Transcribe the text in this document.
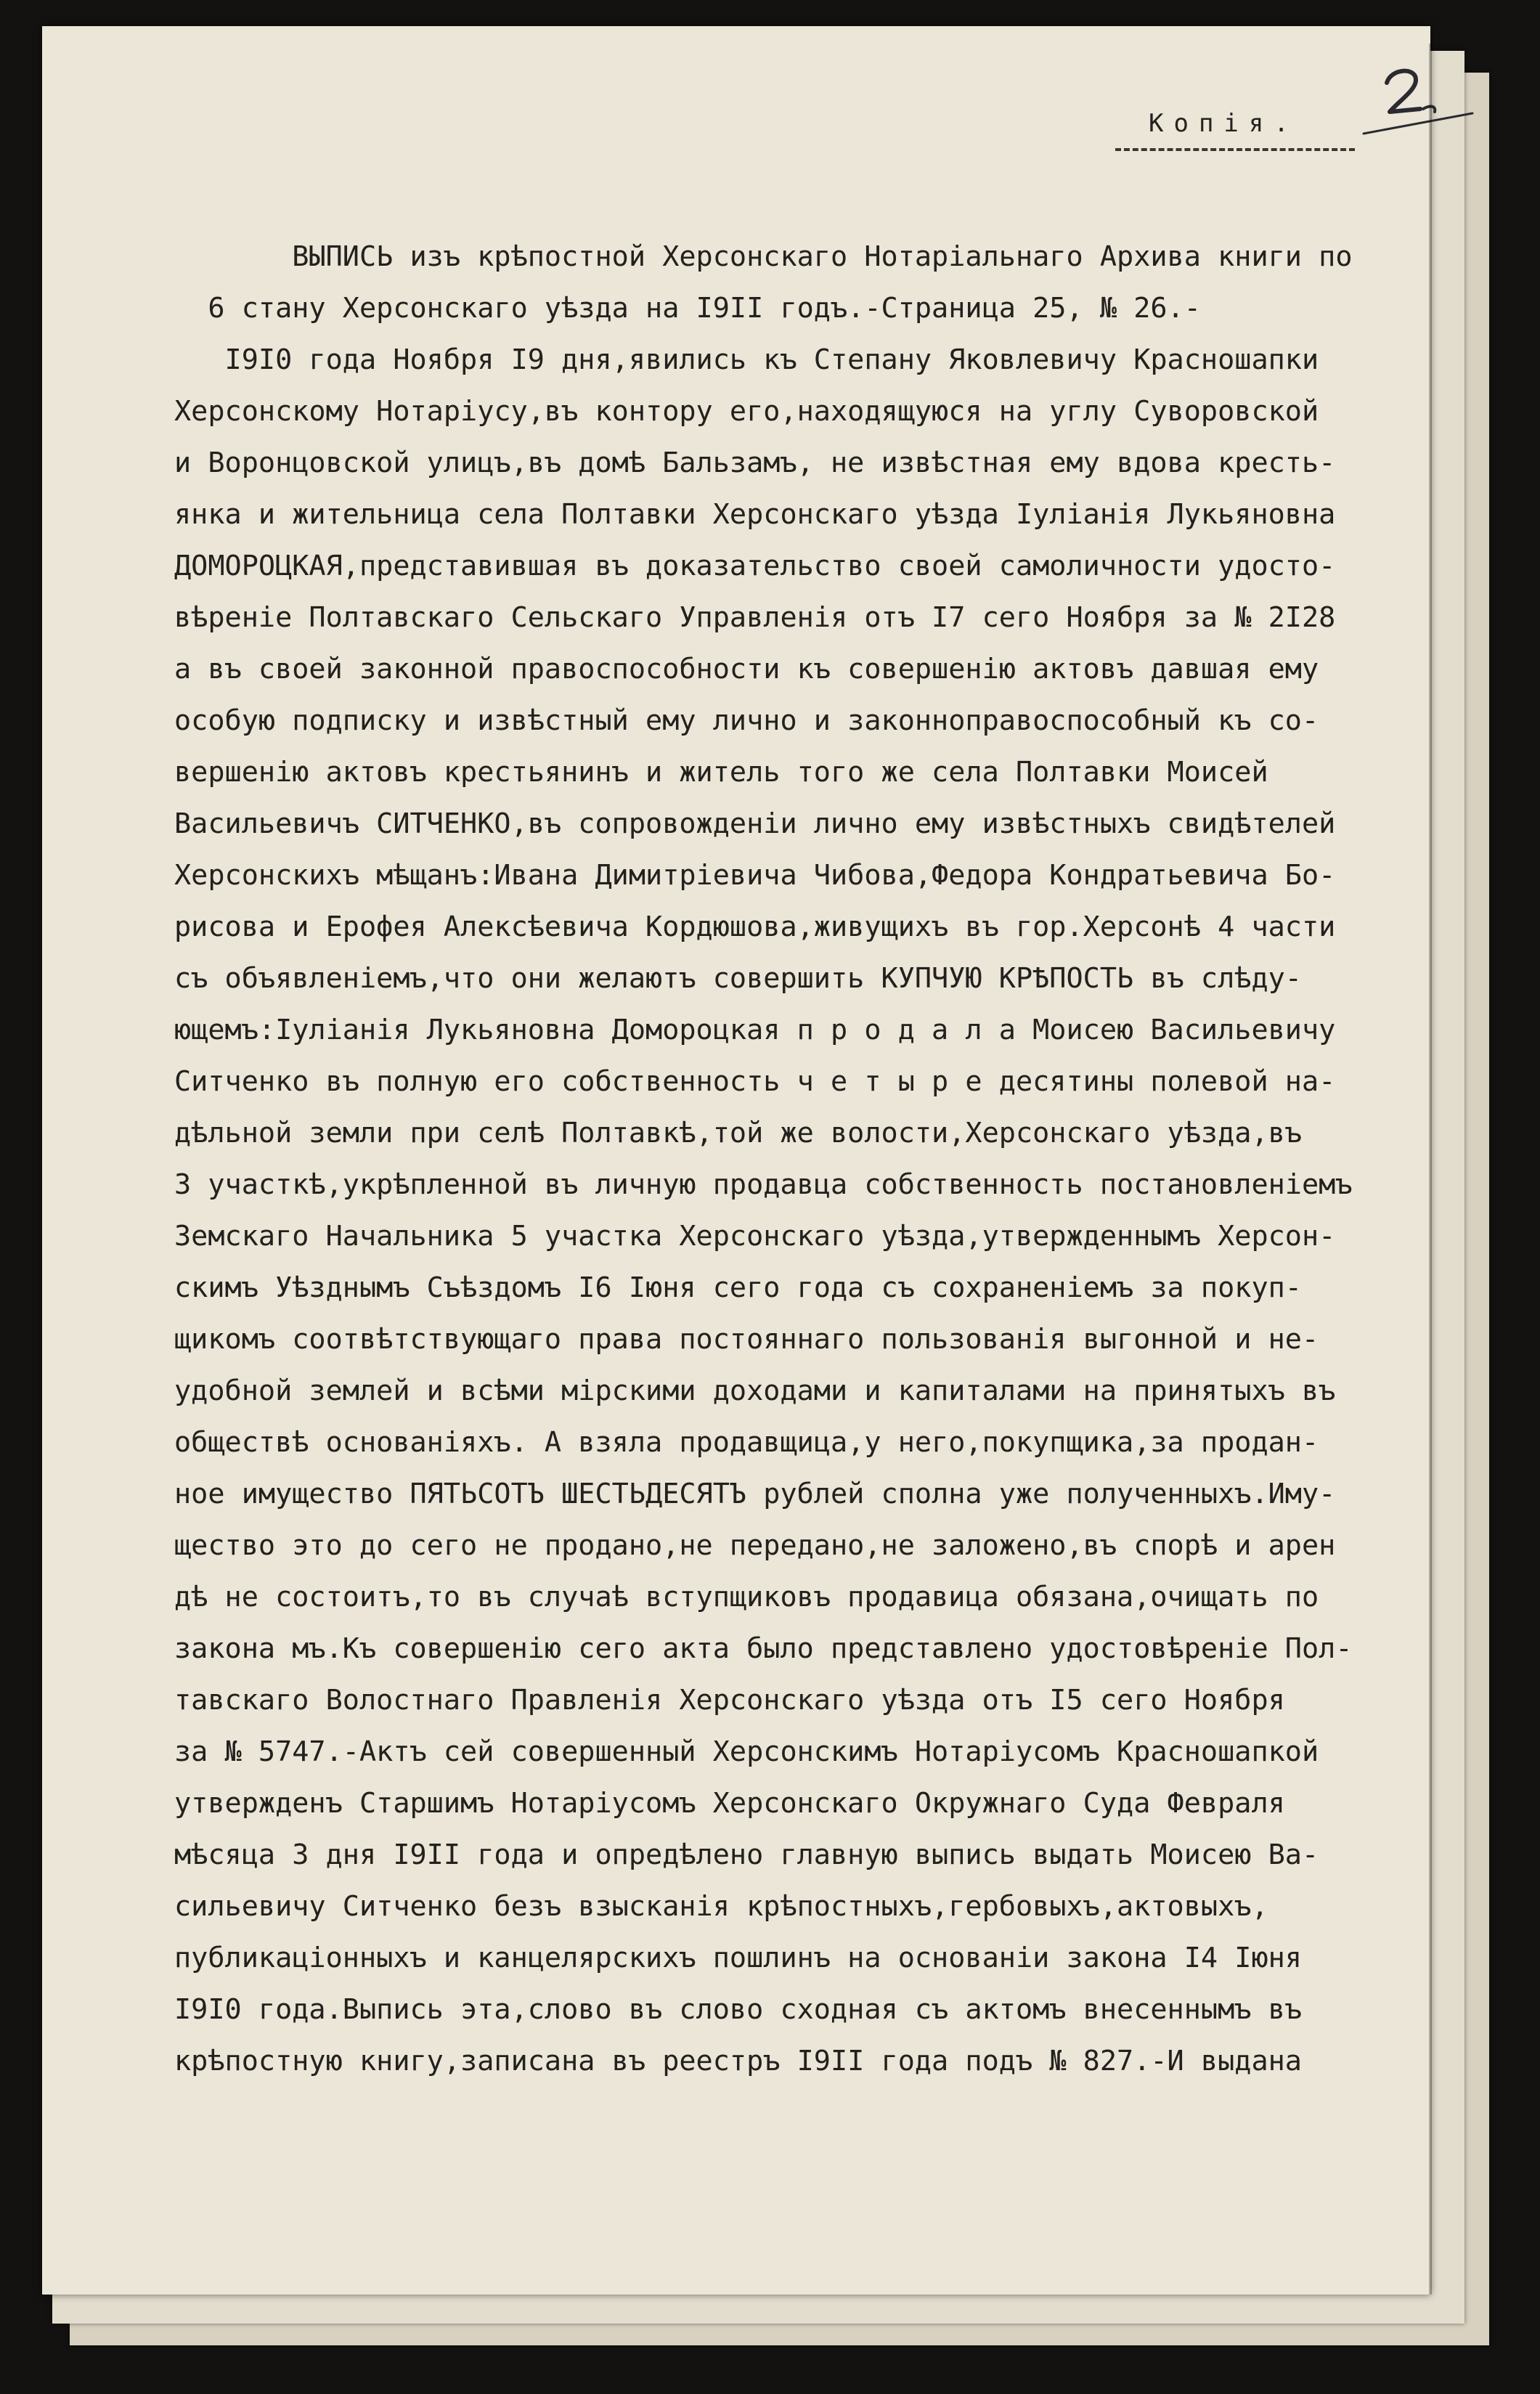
Копія.
ВЫПИСЬ изъ крѣпостной Херсонскаго Нотаріальнаго Архива книги по
6 стану Херсонскаго уѣзда на I9II годъ.-Страница 25, № 26.-
I9I0 года Ноября I9 дня,явились къ Степану Яковлевичу Красношапки
Херсонскому Нотаріусу,въ контору его,находящуюся на углу Суворовской
и Воронцовской улицъ,въ домѣ Бальзамъ, не извѣстная ему вдова кресть-
янка и жительница села Полтавки Херсонскаго уѣзда Іуліанія Лукьяновна
ДОМОРОЦКАЯ,представившая въ доказательство своей самоличности удосто-
вѣреніе Полтавскаго Сельскаго Управленія отъ I7 сего Ноября за № 2I28
а въ своей законной правоспособности къ совершенію актовъ давшая ему
особую подписку и извѣстный ему лично и законноправоспособный къ со-
вершенію актовъ крестьянинъ и житель того же села Полтавки Моисей
Васильевичъ СИТЧЕНКО,въ сопровожденіи лично ему извѣстныхъ свидѣтелей
Херсонскихъ мѣщанъ:Ивана Димитріевича Чибова,Федора Кондратьевича Бо-
рисова и Ерофея Алексѣевича Кордюшова,живущихъ въ гор.Херсонѣ 4 части
съ объявленіемъ,что они желаютъ совершить КУПЧУЮ КРѢПОСТЬ въ слѣду-
ющемъ:Іуліанія Лукьяновна Домороцкая п р о д а л а Моисею Васильевичу
Ситченко въ полную его собственность ч е т ы р е десятины полевой на-
дѣльной земли при селѣ Полтавкѣ,той же волости,Херсонскаго уѣзда,въ
3 участкѣ,укрѣпленной въ личную продавца собственность постановленіемъ
Земскаго Начальника 5 участка Херсонскаго уѣзда,утвержденнымъ Херсон-
скимъ Уѣзднымъ Съѣздомъ I6 Іюня сего года съ сохраненіемъ за покуп-
щикомъ соотвѣтствующаго права постояннаго пользованія выгонной и не-
удобной землей и всѣми мірскими доходами и капиталами на принятыхъ въ
обществѣ основаніяхъ. А взяла продавщица,у него,покупщика,за продан-
ное имущество ПЯТЬСОТЪ ШЕСТЬДЕСЯТЪ рублей сполна уже полученныхъ.Иму-
щество это до сего не продано,не передано,не заложено,въ спорѣ и арен
дѣ не состоитъ,то въ случаѣ вступщиковъ продавица обязана,очищать по
закона мъ.Къ совершенію сего акта было представлено удостовѣреніе Пол-
тавскаго Волостнаго Правленія Херсонскаго уѣзда отъ I5 сего Ноября
за № 5747.-Актъ сей совершенный Херсонскимъ Нотаріусомъ Красношапкой
утвержденъ Старшимъ Нотаріусомъ Херсонскаго Окружнаго Суда Февраля
мѣсяца 3 дня I9II года и опредѣлено главную выпись выдать Моисею Ва-
сильевичу Ситченко безъ взысканія крѣпостныхъ,гербовыхъ,актовыхъ,
публикаціонныхъ и канцелярскихъ пошлинъ на основаніи закона I4 Іюня
I9I0 года.Выпись эта,слово въ слово сходная съ актомъ внесеннымъ въ
крѣпостную книгу,записана въ реестръ I9II года подъ № 827.-И выдана
